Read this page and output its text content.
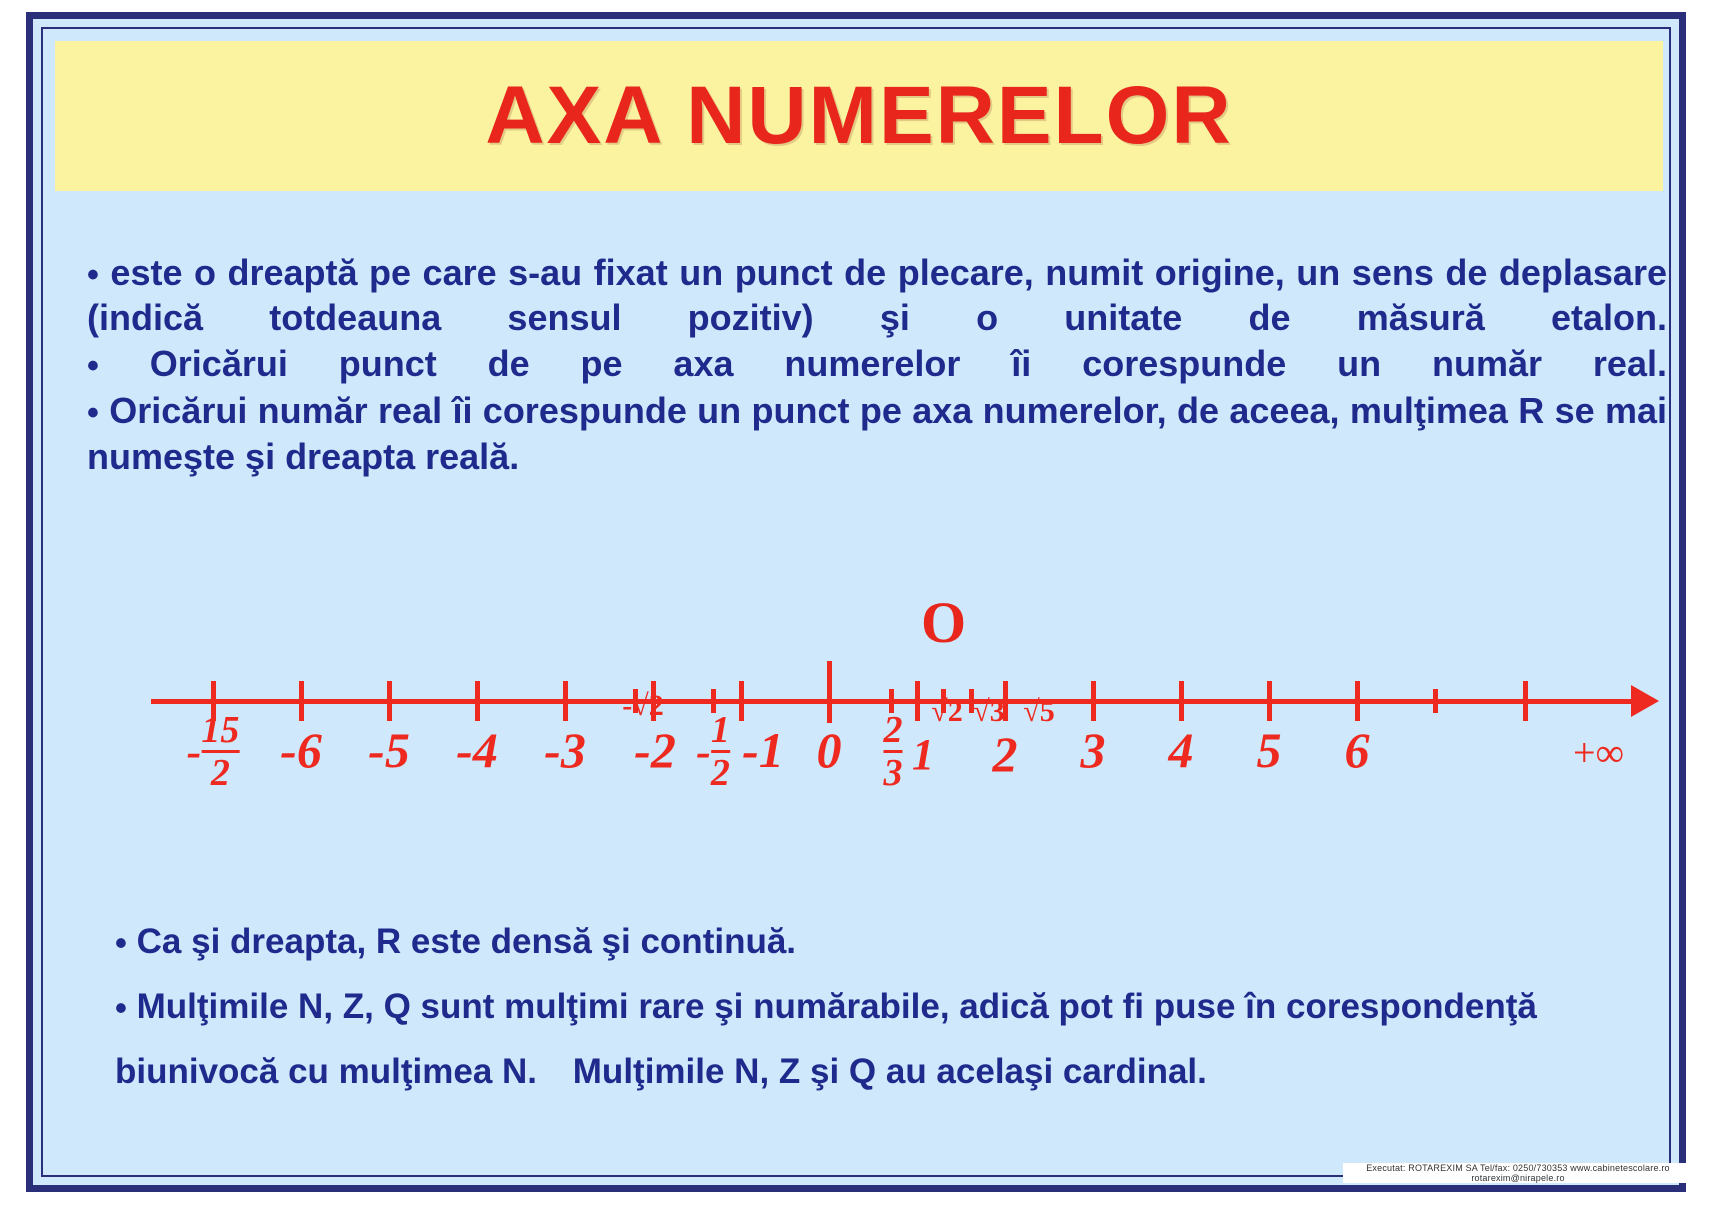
AXA NUMERELOR
• este o dreaptă pe care s-au fixat un punct de plecare, numit origine, un sens de deplasare (indică totdeauna sensul pozitiv) şi o unitate de măsură etalon.
• Oricărui punct de pe axa numerelor îi corespunde un număr real.
• Oricărui număr real îi corespunde un punct pe axa numerelor, de aceea, mulţimea R se mai numeşte şi dreapta reală.
O
- $\frac{15}{2} -6$ -5 -4 -3
-√2
$-2 - \frac{1}{2} -1$ $0 \frac{2}{3} 1$
√2 √3 √5
2 3 4 5 6	+∞
• Ca şi dreapta, R este densă şi continuă.
• Mulţimile N, Z, Q sunt mulţimi rare şi numărabile, adică pot fi puse în corespondenţă
biunivocă cu mulţimea N. Mulţimile N, Z şi Q au acelaşi cardinal.
Executat: ROTAREXIM SA Tel/fax: 0250/730353 www.cabinetescolare.ro rotarexim@nirapele.ro
